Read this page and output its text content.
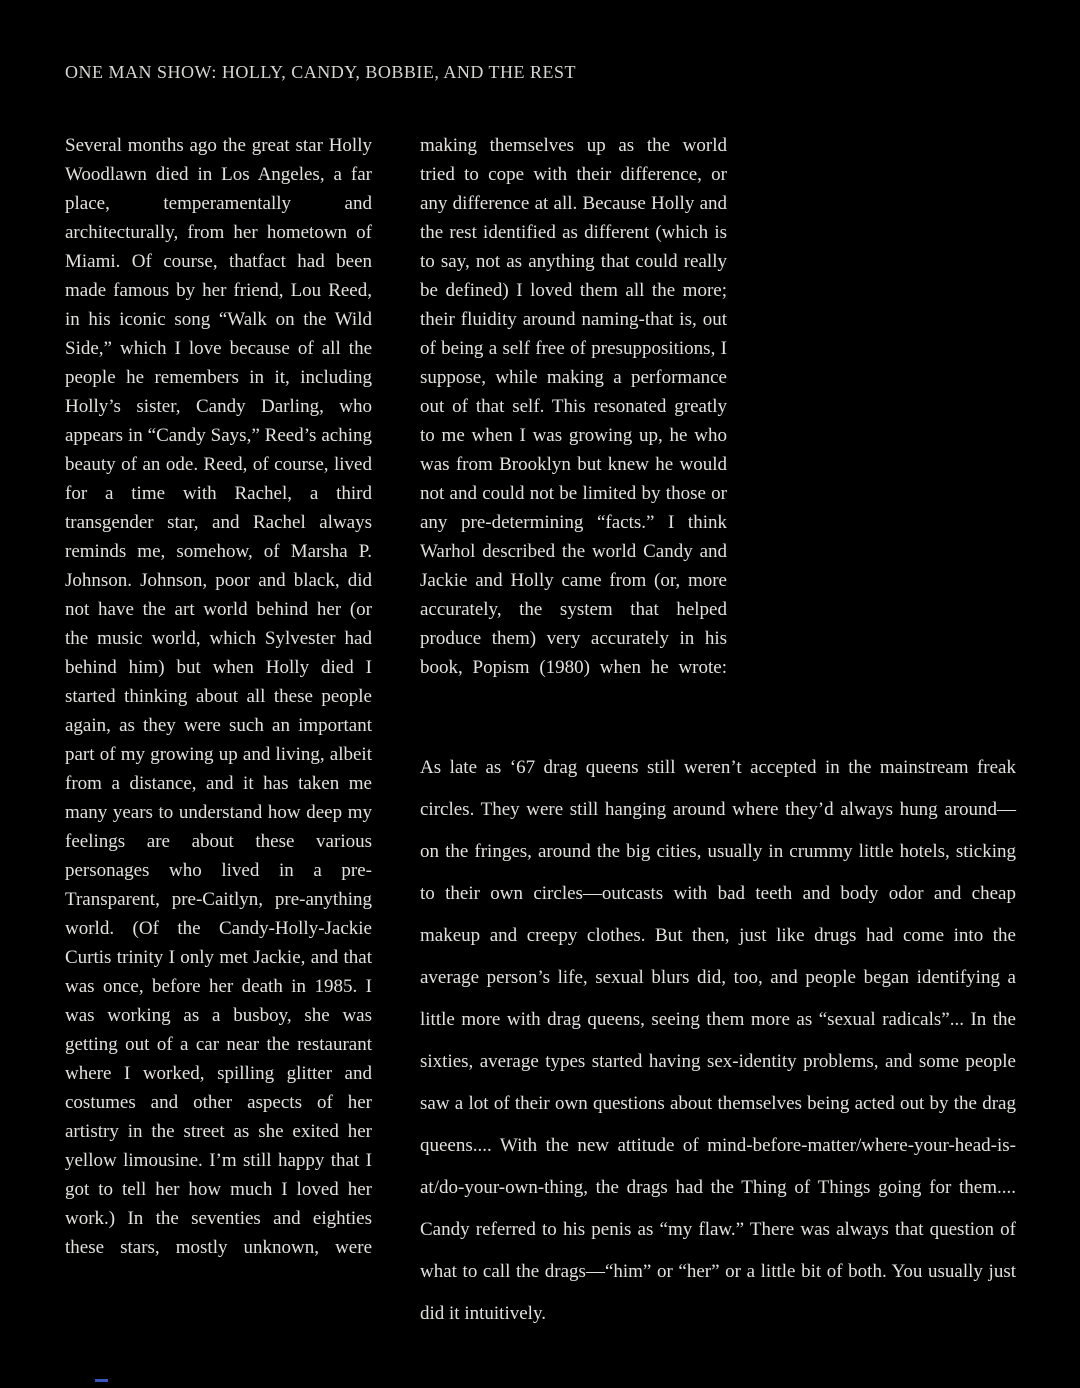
ONE MAN SHOW: HOLLY, CANDY, BOBBIE, AND THE REST

Several months ago the great star Holly Woodlawn died in Los Angeles, a far place, temperamentally and architecturally, from her hometown of Miami. Of course, thatfact had been made famous by her friend, Lou Reed, in his iconic song “Walk on the Wild Side,” which I love because of all the people he remembers in it, including Holly’s sister, Candy Darling, who appears in “Candy Says,” Reed’s aching beauty of an ode. Reed, of course, lived for a time with Rachel, a third transgender star, and Rachel always reminds me, somehow, of Marsha P. Johnson. Johnson, poor and black, did not have the art world behind her (or the music world, which Sylvester had behind him) but when Holly died I started thinking about all these people again, as they were such an important part of my growing up and living, albeit from a distance, and it has taken me many years to understand how deep my feelings are about these various personages who lived in a pre-Transparent, pre-Caitlyn, pre-anything world. (Of the Candy-Holly-Jackie Curtis trinity I only met Jackie, and that was once, before her death in 1985. I was working as a busboy, she was getting out of a car near the restaurant where I worked, spilling glitter and costumes and other aspects of her artistry in the street as she exited her yellow limousine. I’m still happy that I got to tell her how much I loved her work.) In the seventies and eighties these stars, mostly unknown, were

making themselves up as the world tried to cope with their difference, or any difference at all. Because Holly and the rest identified as different (which is to say, not as anything that could really be defined) I loved them all the more; their fluidity around naming-that is, out of being a self free of presuppositions, I suppose, while making a performance out of that self. This resonated greatly to me when I was growing up, he who was from Brooklyn but knew he would not and could not be limited by those or any pre-determining “facts.” I think Warhol described the world Candy and Jackie and Holly came from (or, more accurately, the system that helped produce them) very accurately in his book, Popism (1980) when he wrote:

As late as ‘67 drag queens still weren’t accepted in the mainstream freak circles. They were still hanging around where they’d always hung around—on the fringes, around the big cities, usually in crummy little hotels, sticking to their own circles—outcasts with bad teeth and body odor and cheap makeup and creepy clothes. But then, just like drugs had come into the average person’s life, sexual blurs did, too, and people began identifying a little more with drag queens, seeing them more as “sexual radicals”... In the sixties, average types started having sex-identity problems, and some people saw a lot of their own questions about themselves being acted out by the drag queens.... With the new attitude of mind-before-matter/where-your-head-is-at/do-your-own-thing, the drags had the Thing of Things going for them.... Candy referred to his penis as “my flaw.” There was always that question of what to call the drags—“him” or “her” or a little bit of both. You usually just did it intuitively.
